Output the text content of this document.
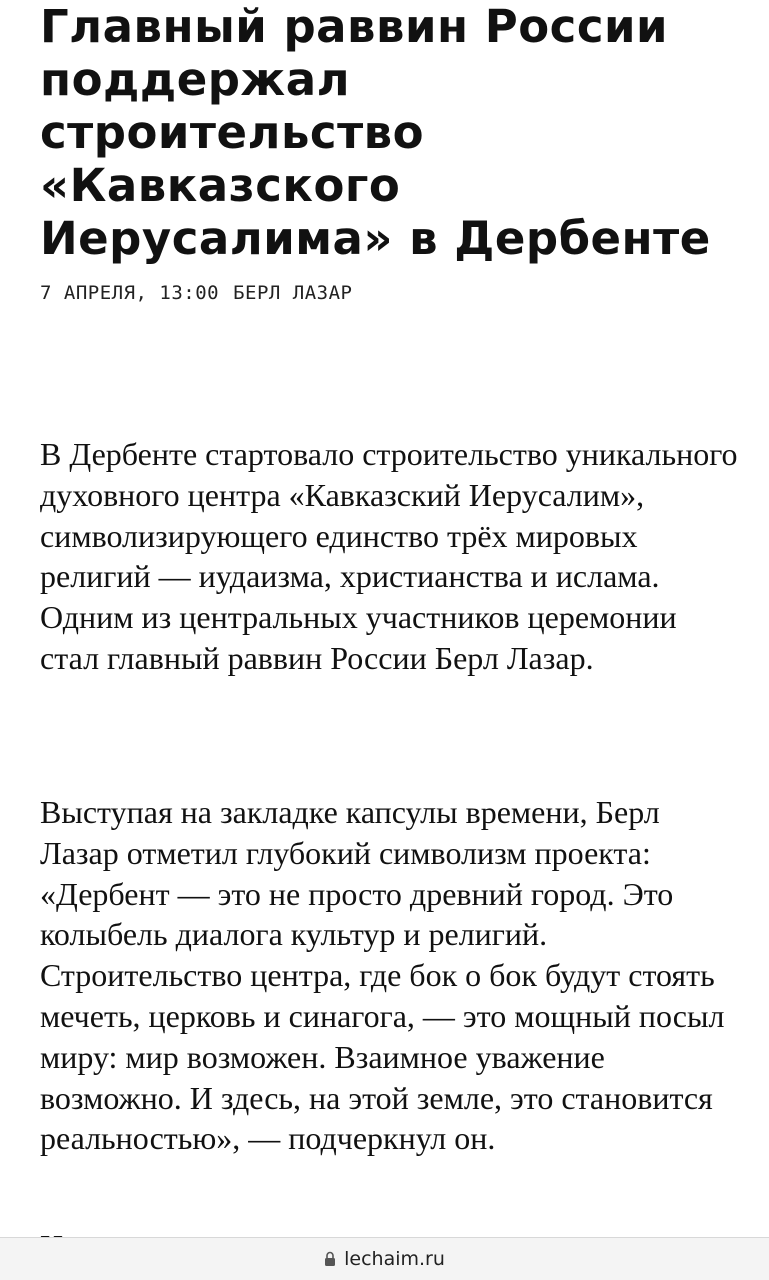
Главный раввин России поддержал строительство «Кавказского Иерусалима» в Дербенте
7 АПРЕЛЯ, 13:00 БЕРЛ ЛАЗАР

В Дербенте стартовало строительство уникального духовного центра «Кавказский Иерусалим», символизирующего единство трёх мировых религий — иудаизма, христианства и ислама. Одним из центральных участников церемонии стал главный раввин России Берл Лазар.

Выступая на закладке капсулы времени, Берл Лазар отметил глубокий символизм проекта: «Дербент — это не просто древний город. Это колыбель диалога культур и религий. Строительство центра, где бок о бок будут стоять мечеть, церковь и синагога, — это мощный посыл миру: мир возможен. Взаимное уважение возможно. И здесь, на этой земле, это становится реальностью», — подчеркнул он.

lechaim.ru
